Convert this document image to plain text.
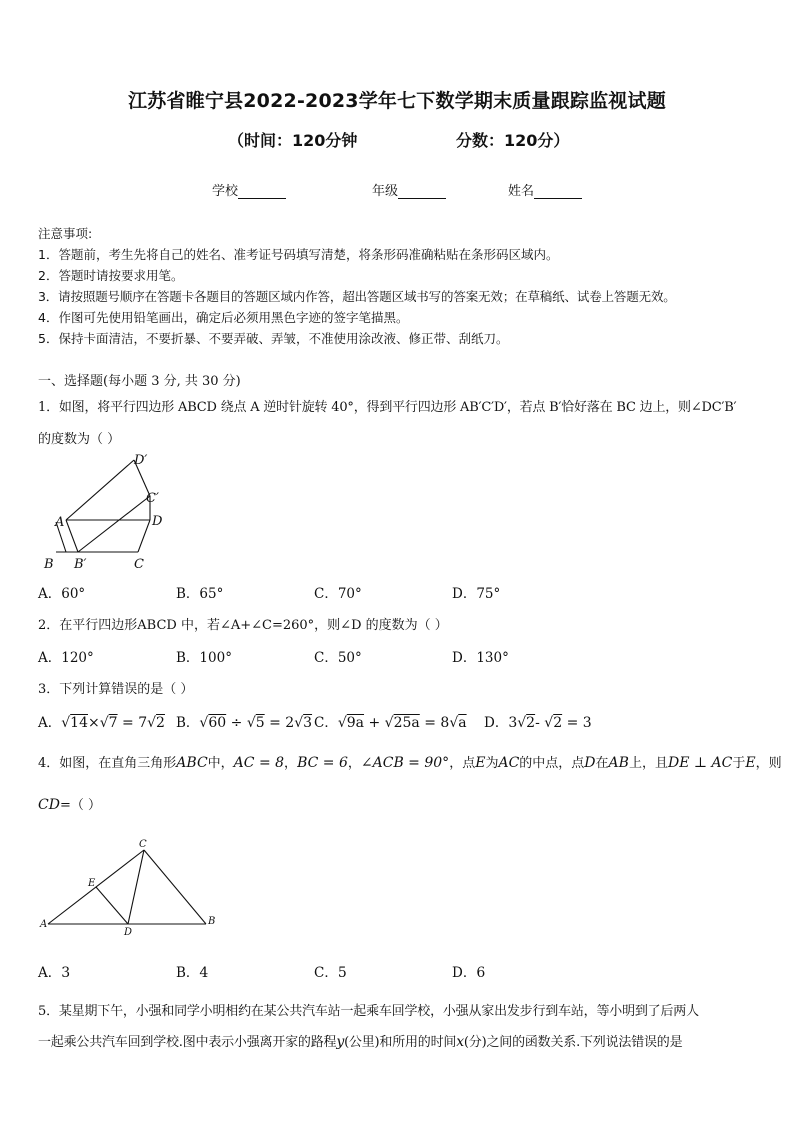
江苏省睢宁县2022-2023学年七下数学期末质量跟踪监视试题
（时间：120分钟	分数：120分）
学校	年级	姓名
注意事项:
1．答题前，考生先将自己的姓名、准考证号码填写清楚，将条形码准确粘贴在条形码区域内。
2．答题时请按要求用笔。
3．请按照题号顺序在答题卡各题目的答题区域内作答，超出答题区域书写的答案无效；在草稿纸、试卷上答题无效。
4．作图可先使用铅笔画出，确定后必须用黑色字迹的签字笔描黑。
5．保持卡面清洁，不要折暴、不要弄破、弄皱，不准使用涂改液、修正带、刮纸刀。
一、选择题(每小题 3 分, 共 30 分)
1．如图，将平行四边形 ABCD 绕点 A 逆时针旋转 40°，得到平行四边形 AB′C′D′，若点 B′恰好落在 BC 边上，则∠DC′B′
的度数为（ ）
A
B B′	C
D
C′
D′
A．60°	B．65°	C．70°	D．75°
2．在平行四边形ABCD 中，若∠A+∠C=260°，则∠D 的度数为（ ）
A．120°	B．100°	C．50°	D．130°
3．下列计算错误的是（ ）
A．√14×√7 = 7√2 B．√60 ÷ √5 = 2√3 C．√9a + √25a = 8√a D．3√2- √2 = 3
4．如图，在直角三角形ABC中，AC = 8，BC = 6，∠ACB = 90°，点E为AC的中点，点D在AB上，且DE ⊥ AC于E，则
CD=（ ）
C
E
A	B
D
A．3	B．4	C．5	D．6
5．某星期下午，小强和同学小明相约在某公共汽车站一起乘车回学校，小强从家出发步行到车站，等小明到了后两人
一起乘公共汽车回到学校.图中表示小强离开家的路程y(公里)和所用的时间x(分)之间的函数关系.下列说法错误的是
